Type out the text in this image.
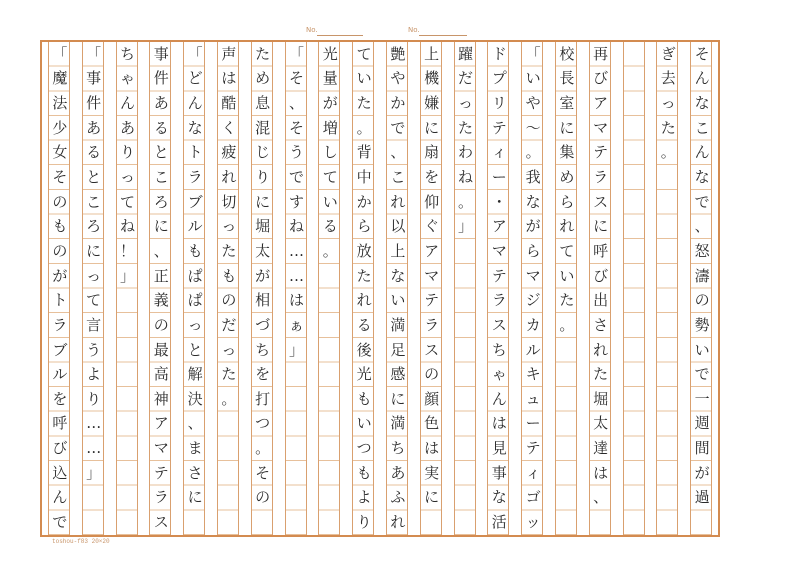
No.	No.
そ
ん
な
こ
ん
な
で
、
怒
濤
の
勢
い
で
一
週
間
が
過
ぎ
去
っ
た
。
再
び
ア
マ
テ
ラ
ス
に
呼
び
出
さ
れ
た
堀
太
達
は
、
校
長
室
に
集
め
ら
れ
て
い
た
。
「
い
や
～
。
我
な
が
ら
マ
ジ
カ
ル
キ
ュ
ー
テ
ィ
ゴ
ッ
ド
プ
リ
テ
ィ
ー
・
ア
マ
テ
ラ
ス
ち
ゃ
ん
は
見
事
な
活
躍
だ
っ
た
わ
ね
。
」
上
機
嫌
に
扇
を
仰
ぐ
ア
マ
テ
ラ
ス
の
顔
色
は
実
に
艶
や
か
で
、
こ
れ
以
上
な
い
満
足
感
に
満
ち
あ
ふ
れ
て
い
た
。
背
中
か
ら
放
た
れ
る
後
光
も
い
つ
も
よ
り
光
量
が
増
し
て
い
る
。
「
そ
、
そ
う
で
す
ね
…
…
は
ぁ
」
た
め
息
混
じ
り
に
堀
太
が
相
づ
ち
を
打
つ
。
そ
の
声
は
酷
く
疲
れ
切
っ
た
も
の
だ
っ
た
。
「
ど
ん
な
ト
ラ
ブ
ル
も
ぱ
ぱ
っ
と
解
決
、
ま
さ
に
事
件
あ
る
と
こ
ろ
に
、
正
義
の
最
高
神
ア
マ
テ
ラ
ス
ち
ゃ
ん
あ
り
っ
て
ね
！
」
「
事
件
あ
る
と
こ
ろ
に
っ
て
言
う
よ
り
…
…
」
「
魔
法
少
女
そ
の
も
の
が
ト
ラ
ブ
ル
を
呼
び
込
ん
で
toshou-f83 20×20
